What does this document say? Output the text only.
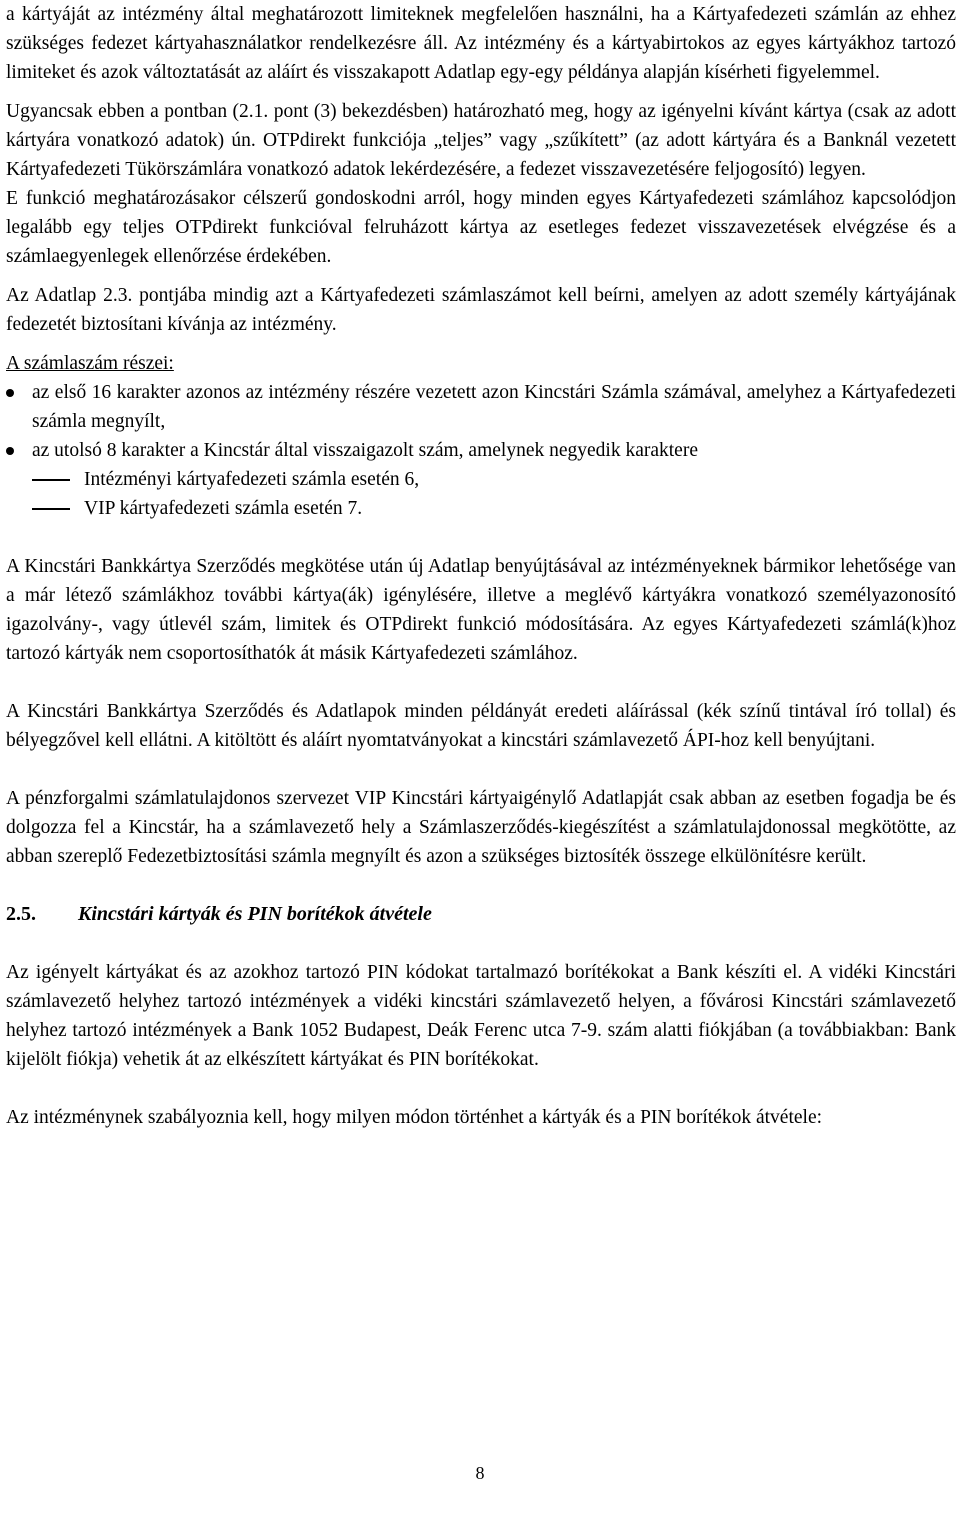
a kártyáját az intézmény által meghatározott limiteknek megfelelően használni, ha a Kártyafedezeti számlán az ehhez szükséges fedezet kártyahasználatkor rendelkezésre áll. Az intézmény és a kártyabirtokos az egyes kártyákhoz tartozó limiteket és azok változtatását az aláírt és visszakapott Adatlap egy-egy példánya alapján kísérheti figyelemmel.

Ugyancsak ebben a pontban (2.1. pont (3) bekezdésben) határozható meg, hogy az igényelni kívánt kártya (csak az adott kártyára vonatkozó adatok) ún. OTPdirekt funkciója „teljes” vagy „szűkített” (az adott kártyára és a Banknál vezetett Kártyafedezeti Tükörszámlára vonatkozó adatok lekérdezésére, a fedezet visszavezetésére feljogosító) legyen.

E funkció meghatározásakor célszerű gondoskodni arról, hogy minden egyes Kártyafedezeti számlához kapcsolódjon legalább egy teljes OTPdirekt funkcióval felruházott kártya az esetleges fedezet visszavezetések elvégzése és a számlaegyenlegek ellenőrzése érdekében.

Az Adatlap 2.3. pontjába mindig azt a Kártyafedezeti számlaszámot kell beírni, amelyen az adott személy kártyájának fedezetét biztosítani kívánja az intézmény.

A számlaszám részei:

az első 16 karakter azonos az intézmény részére vezetett azon Kincstári Számla számával, amelyhez a Kártyafedezeti számla megnyílt,
az utolsó 8 karakter a Kincstár által visszaigazolt szám, amelynek negyedik karaktere
Intézményi kártyafedezeti számla esetén 6,
VIP kártyafedezeti számla esetén 7.

A Kincstári Bankkártya Szerződés megkötése után új Adatlap benyújtásával az intézményeknek bármikor lehetősége van a már létező számlákhoz további kártya(ák) igénylésére, illetve a meglévő kártyákra vonatkozó személyazonosító igazolvány-, vagy útlevél szám, limitek és OTPdirekt funkció módosítására. Az egyes Kártyafedezeti számlá(k)hoz tartozó kártyák nem csoportosíthatók át másik Kártyafedezeti számlához.

A Kincstári Bankkártya Szerződés és Adatlapok minden példányát eredeti aláírással (kék színű tintával író tollal) és bélyegzővel kell ellátni. A kitöltött és aláírt nyomtatványokat a kincstári számlavezető ÁPI-hoz kell benyújtani.

A pénzforgalmi számlatulajdonos szervezet VIP Kincstári kártyaigénylő Adatlapját csak abban az esetben fogadja be és dolgozza fel a Kincstár, ha a számlavezető hely a Számlaszerződés-kiegészítést a számlatulajdonossal megkötötte, az abban szereplő Fedezetbiztosítási számla megnyílt és azon a szükséges biztosíték összege elkülönítésre került.

2.5.	Kincstári kártyák és PIN borítékok átvétele

Az igényelt kártyákat és az azokhoz tartozó PIN kódokat tartalmazó borítékokat a Bank készíti el. A vidéki Kincstári számlavezető helyhez tartozó intézmények a vidéki kincstári számlavezető helyen, a fővárosi Kincstári számlavezető helyhez tartozó intézmények a Bank 1052 Budapest, Deák Ferenc utca 7-9. szám alatti fiókjában (a továbbiakban: Bank kijelölt fiókja) vehetik át az elkészített kártyákat és PIN borítékokat.

Az intézménynek szabályoznia kell, hogy milyen módon történhet a kártyák és a PIN borítékok átvétele:

8
